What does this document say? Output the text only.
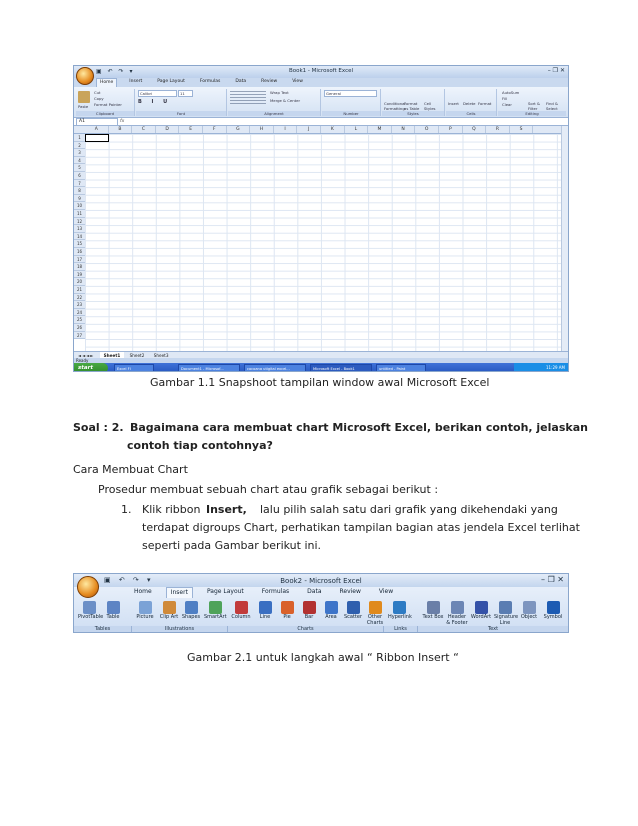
▣ ↶ ↷ ▾	Book1 - Microsoft Excel	– ❐ ✕
Home	Insert	Page Layout	Formulas	Data	Review	View
Paste
Cut
Copy
Format Painter
Clipboard
Calibri	11
B I U
Font
Wrap Text
Merge & Center
Alignment
General
Number
Conditional Formatting
Format as Table
Cell Styles
Styles
Insert Delete Format
Cells
AutoSum
Fill
Clear	Sort & Filter
Find & Select
Editing
A1	fx
A	B	C	D	E	F	G	H	I	J	K	L	M	N	O	P	Q	R	S
1
2
3
4
5
6
7
8
9
10
11
12
13
14
15
16
17
18
19
20
21
22
23
24
25
26
27
◄◄◄► Sheet1 Sheet2 Sheet3
Ready
start	Excel Fl	Document1 - Microsof...	cocoana utigital excel...	Microsoft Excel - Book1	untitled - Paint	11:29 AM
Gambar 1.1 Snapshoot tampilan window awal Microsoft Excel
Soal : 2. Bagaimana cara membuat chart Microsoft Excel, berikan contoh, jelaskan
contoh tiap contohnya?
Cara Membuat Chart
Prosedur membuat sebuah chart atau grafik sebagai berikut :
1. Klik ribbon Insert, lalu pilih salah satu dari grafik yang dikehendaki yang
terdapat digroups Chart, perhatikan tampilan bagian atas jendela Excel terlihat
seperti pada Gambar berikut ini.
▣ ↶ ↷ ▾	Book2 - Microsoft Excel	– ❐ ✕
Home	Insert	Page Layout	Formulas	Data	Review	View
Tables	Illustrations	Charts	Links	Text
PivotTable Table	Picture	Clip Art Shapes SmartArt Column	Line	Pie	Bar	Area	Scatter	Other Charts
Hyperlink Text Box Header & Footer
WordArt Signature Line
Object	Symbol
Gambar 2.1 untuk langkah awal “ Ribbon Insert “
